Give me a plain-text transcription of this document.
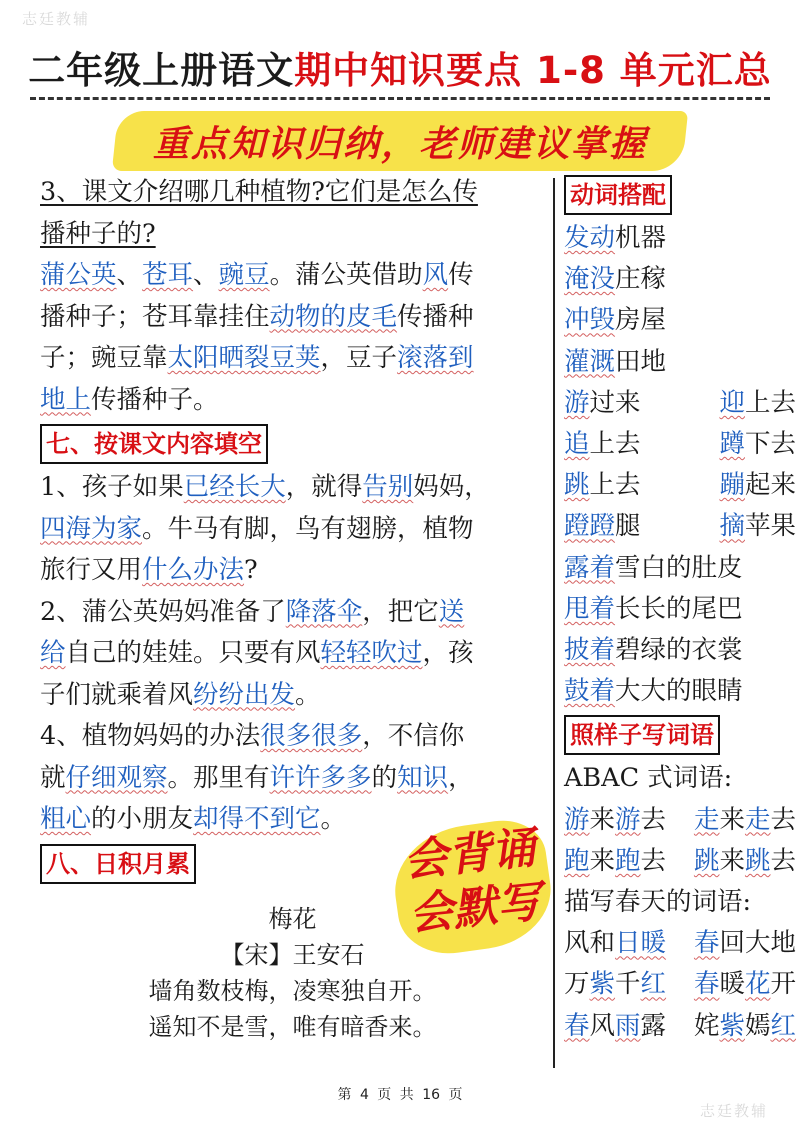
志廷教辅
志廷教辅
二年级上册语文期中知识要点 1-8 单元汇总
重点知识归纳，老师建议掌握
3、课文介绍哪几种植物?它们是怎么传
播种子的?
蒲公英、苍耳、豌豆。蒲公英借助风传
播种子；苍耳靠挂住动物的皮毛传播种
子；豌豆靠太阳晒裂豆荚，豆子滚落到
地上传播种子。
七、按课文内容填空
1、孩子如果已经长大，就得告别妈妈，
四海为家。牛马有脚，鸟有翅膀，植物
旅行又用什么办法?
2、蒲公英妈妈准备了降落伞，把它送
给自己的娃娃。只要有风轻轻吹过，孩
子们就乘着风纷纷出发。
4、植物妈妈的办法很多很多，不信你
就仔细观察。那里有许许多多的知识，
粗心的小朋友却得不到它。
八、日积月累
梅花
【宋】王安石
墙角数枝梅，凌寒独自开。
遥知不是雪，唯有暗香来。
会背诵
会默写
动词搭配
发动机器
淹没庄稼
冲毁房屋
灌溉田地
游过来	迎上去
追上去	蹲下去
跳上去	蹦起来
蹬蹬腿	摘苹果
露着雪白的肚皮
甩着长长的尾巴
披着碧绿的衣裳
鼓着大大的眼睛
照样子写词语
ABAC 式词语:
游来游去 走来走去
跑来跑去 跳来跳去
描写春天的词语:
风和日暖 春回大地
万紫千红 春暖花开
春风雨露 姹紫嫣红
第 4 页 共 16 页
